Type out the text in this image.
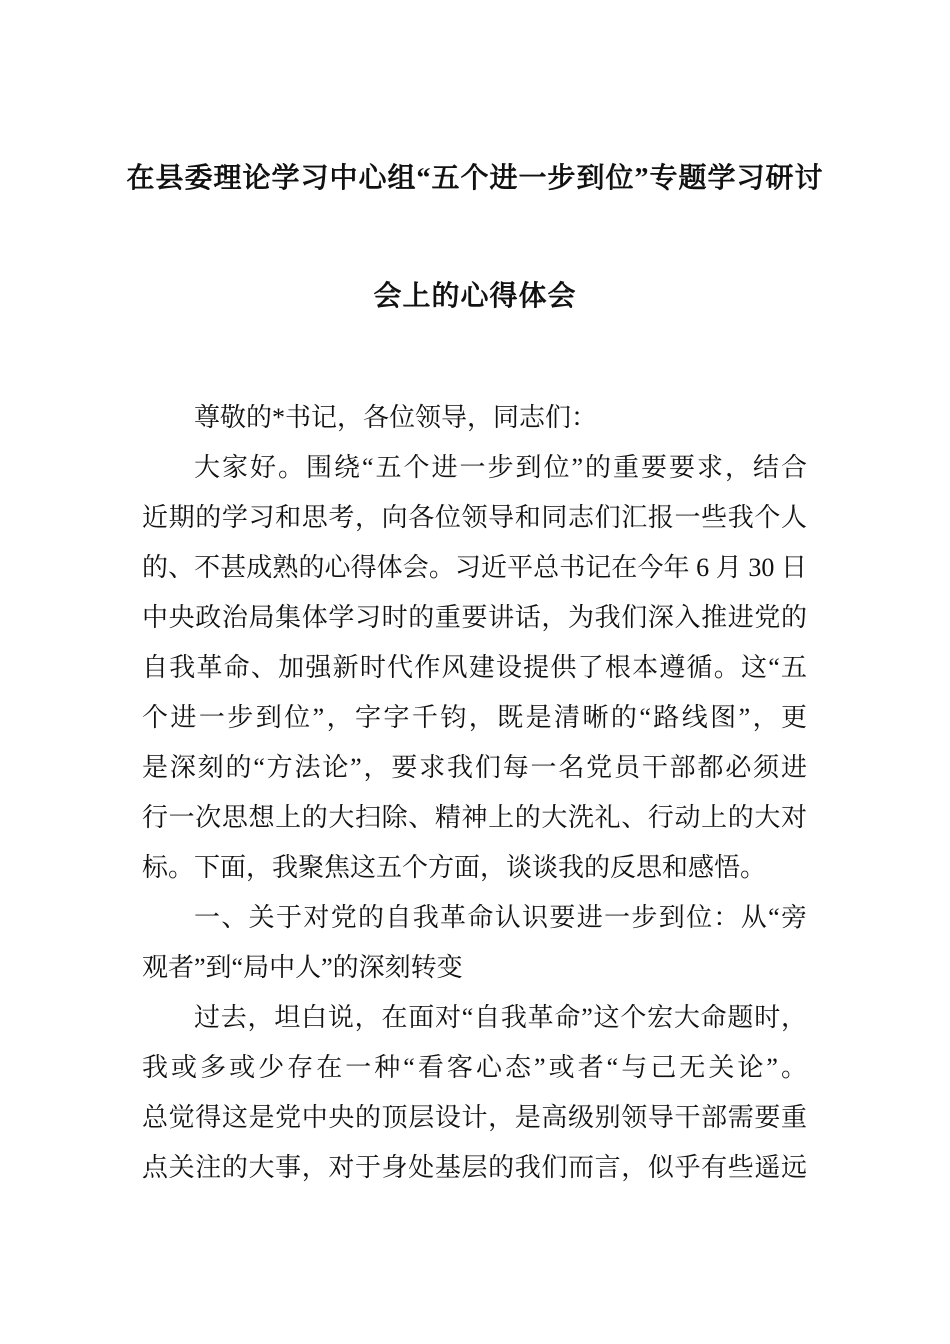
在县委理论学习中心组“五个进一步到位”专题学习研讨
会上的心得体会
尊敬的*书记，各位领导，同志们：
大家好。围绕“五个进一步到位”的重要要求，结合
近期的学习和思考，向各位领导和同志们汇报一些我个人
的、不甚成熟的心得体会。习近平总书记在今年 6 月 30 日
中央政治局集体学习时的重要讲话，为我们深入推进党的
自我革命、加强新时代作风建设提供了根本遵循。这“五
个进一步到位”，字字千钧，既是清晰的“路线图”，更
是深刻的“方法论”，要求我们每一名党员干部都必须进
行一次思想上的大扫除、精神上的大洗礼、行动上的大对
标。下面，我聚焦这五个方面，谈谈我的反思和感悟。
一、关于对党的自我革命认识要进一步到位：从“旁
观者”到“局中人”的深刻转变
过去，坦白说，在面对“自我革命”这个宏大命题时，
我或多或少存在一种“看客心态”或者“与己无关论”。
总觉得这是党中央的顶层设计，是高级别领导干部需要重
点关注的大事，对于身处基层的我们而言，似乎有些遥远
